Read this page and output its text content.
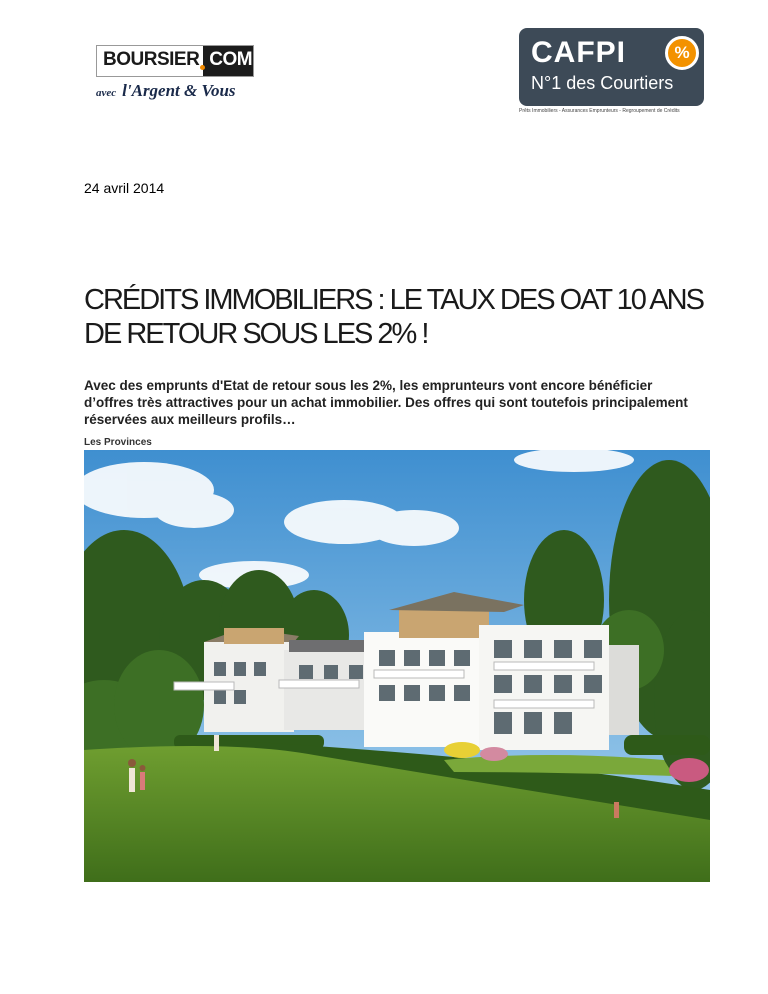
BOURSIER COM
avec l'Argent & Vous
CAFPI	%
N°1 des Courtiers
Prêts Immobiliers - Assurances Emprunteurs - Regroupement de Crédits
24 avril 2014
CRÉDITS IMMOBILIERS : LE TAUX DES OAT 10 ANS DE RETOUR SOUS LES 2% !

Avec des emprunts d'Etat de retour sous les 2%, les emprunteurs vont encore bénéficier d’offres très attractives pour un achat immobilier. Des offres qui sont toutefois principalement réservées aux meilleurs profils…

Les Provinces
